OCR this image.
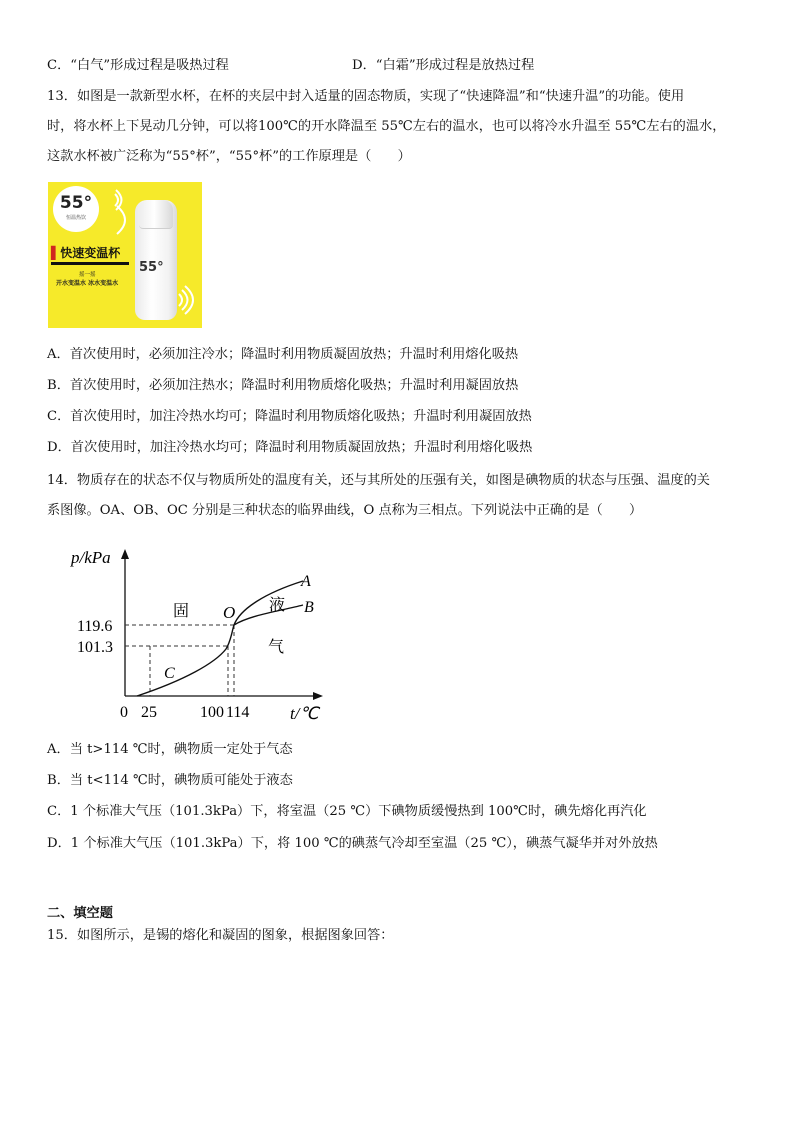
C．“白气”形成过程是吸热过程	D．“白霜”形成过程是放热过程
13．如图是一款新型水杯，在杯的夹层中封入适量的固态物质，实现了“快速降温”和“快速升温”的功能。使用
时，将水杯上下晃动几分钟，可以将100℃的开水降温至 55℃左右的温水，也可以将冷水升温至 55℃左右的温水，
这款水杯被广泛称为“55°杯”，“55°杯”的工作原理是（　　）
55°
恒温热饮
55°
▌快速变温杯
摇一摇
开水变温水 冰水变温水
A．首次使用时，必须加注冷水；降温时利用物质凝固放热；升温时利用熔化吸热
B．首次使用时，必须加注热水；降温时利用物质熔化吸热；升温时利用凝固放热
C．首次使用时，加注冷热水均可；降温时利用物质熔化吸热；升温时利用凝固放热
D．首次使用时，加注冷热水均可；降温时利用物质凝固放热；升温时利用熔化吸热
14．物质存在的状态不仅与物质所处的温度有关，还与其所处的压强有关，如图是碘物质的状态与压强、温度的关
系图像。OA、OB、OC 分别是三种状态的临界曲线，O 点称为三相点。下列说法中正确的是（　　）
p/kPa
t/℃
119.6
101.3
0 25	100 114
O
A
B
C
固	液
气
A．当 t>114 ℃时，碘物质一定处于气态
B．当 t<114 ℃时，碘物质可能处于液态
C．1 个标准大气压（101.3kPa）下，将室温（25 ℃）下碘物质缓慢热到 100℃时，碘先熔化再汽化
D．1 个标准大气压（101.3kPa）下，将 100 ℃的碘蒸气冷却至室温（25 ℃），碘蒸气凝华并对外放热
二、填空题
15．如图所示，是锡的熔化和凝固的图象，根据图象回答：
